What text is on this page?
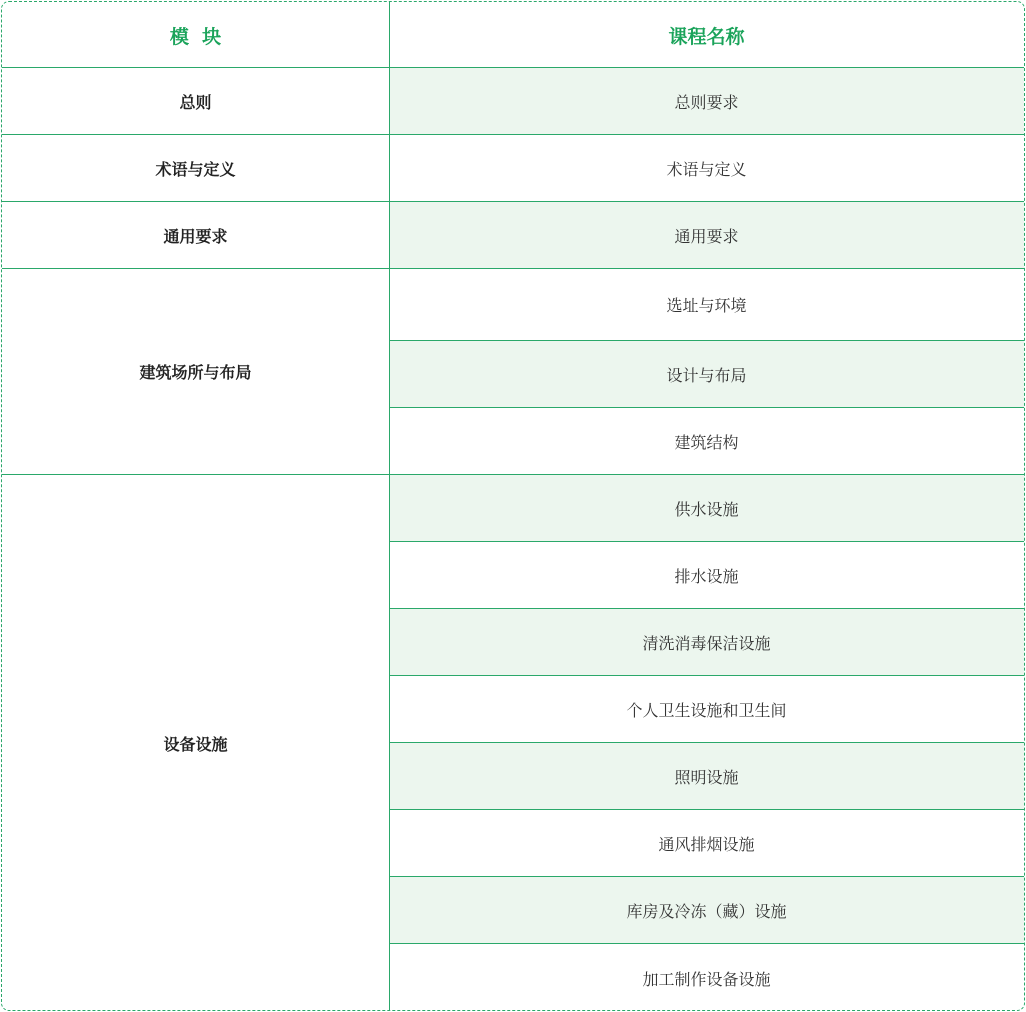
模  块	课程名称
总则
术语与定义
通用要求
建筑场所与布局
设备设施
总则要求
术语与定义
通用要求
选址与环境
设计与布局
建筑结构
供水设施
排水设施
清洗消毒保洁设施
个人卫生设施和卫生间
照明设施
通风排烟设施
库房及冷冻（藏）设施
加工制作设备设施
